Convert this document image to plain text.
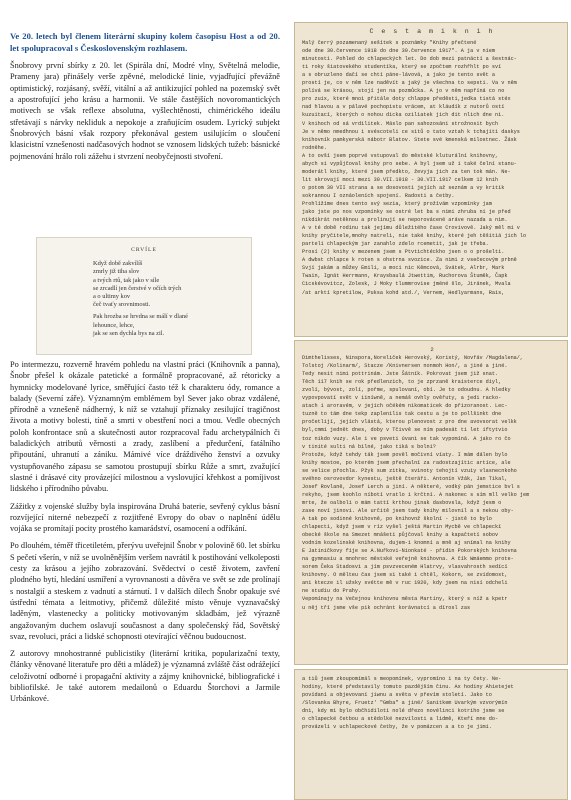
Ve 20. letech byl členem literární skupiny kolem časopisu Host a od 20. let spolupracoval s Československým rozhlasem.

Šnobrovy první sbírky z 20. let (Spirála dní, Modré vlny, Světelná melodie, Prameny jara) přinášely verše zpěvné, melodické linie, vyjadřující převážně optimistický, rozjásaný, svěží, vitální a až antikizující pohled na pozemský svět a apostrofující jeho krásu a harmonii. Ve stále častějších novoromantických motivech se však reflexe absolutna, vyšlechtěnosti, chimérického ideálu střetávají s nárvky nekliduk a nepokoje a zraňujícím osudem. Lyrický subjekt Šnobrových básní však rozpory překonával gestem usilujícím o sloučení klasicistní vznešenosti nadčasových hodnot se vznosem lidských tužeb: básnické pojmenování hrálo roli zážehu i stvrzení neobyčejnosti stvoření.

CRVÍLE
Když době zakvílíš
zmrly již tiha slov
a tvých rtů, tak jako v síle
se zrcadlí jen čerstvé v očích trých
a o ultimy kov
čeč tvaťy srovnimosti.
Pak hrozba se hrvdna se málí v dlané
lehounce, lehce,
jak se sen dychla bys na zil.

Po intermezzu, rozverně hravém pohledu na vlastní práci (Knihovník a panna), Šnobr přešel k okázale patetické a formálně propracované, až rétoricky a hymnicky modelované lyrice, směřující často též k charakteru ódy, romance a balady (Severní záře). Významným emblémem byl Sever jako obraz vzdálené, přírodně a vznešeně nádherný, k níž se vztahují příznaky zesilující tragičnost života a motivy bolesti, tíně a smrti v obestření noci a tmou. Vedle obecných poloh konfrontace snů a skutečnosti autor rozpracoval řadu archetypálních či baladických atributů věrnosti a zrady, zaslíbení a předurčení, fatálního připoutání, uhranutí a zániku. Mámivé více dráždivého ženství a ozvuky vystupňovaného zápasu se samotou prostupují sbírku Růže a smrt, zvažující slastné i drásavé city provázející milostnou a vyslovující křehkost a pomíjivost lidského i přírodního půvabu.

Zážitky z vojenské služby byla inspirována Druhá baterie, sevřený cyklus básní rozvíjející niterné nebezpečí z rozjitřené Evropy do obav o naplnění údělu vojáka se promítají pocity prostého kamarádství, osamocení a odříkání.

Po dlouhém, téměř třicetiletém, přerývu uveřejnil Šnobr v polovině 60. let sbírku S pečetí všerín, v níž se uvolněnějším veršem navrátil k postihování velkoleposti cesty za krásou a jejího zobrazování. Svědectví o cestě životem, zavření plodného bytí, hledání usmíření a vyrovnanosti a důvěra ve svět se zde prolínají s nostalgií a steskem z vadnutí a stárnutí. I v dalších dílech Šnobr opakuje své ústřední témata a leitmotivy, přičemž důležité místo věnuje vyznavačský laděným, vlastenecky a politicky motivovaným skladbám, jež výrazně angažovaným duchem oslavují současnost a dany společenský řád, Sovětský svaz, revoluci, práci a lidské schopnosti otevírající věčnou budoucnost.

Z autorovy mnohostranné publicistiky (literární kritika, popularizační texty, články věnované literatuře pro děti a mládež) je významná zvláště část odrážející celoživotní odborné i propagační aktivity a zájmy knihovnické, bibliografické i bibliofilské. Je také autorem medailonů o Eduardu Štorchovi a Jarmile Urbánkové.

C e s t a m i k n i h
Malý čerrý pozamenaný sešítek s poznámky "Knihy přečtené
ode dne 30.července 1918 do dne 30.července 1917". A ja v niem
minutosti. Pohled do chlapeckých let. Do dob mezi patnáctí a šestnác-
ti roky šiatovekého studentíka, který se zpočtem rozhřhlt po sví
a s obruzleno dačí se chtí páne-lávová, a jako je tento svět a
prostí je, co v něm lze naděvít a jaký je všechna to sepsti. Va v něm
polívá se krásou, stojí jen na pozmůcka. A jo v něm napříná co no
pro zuix, které mnoi přitále doty chlappe předěsti,jedka tistá stéx
nad hlavou a v pálavé pochopistu vrácem, at kláudík z nutorů ostí
kuzuitací, kterých o nohou dicka oziliatek jich dit nlich dne ni.
V knihoch od sá vrdilitek. Máslo pan sahozosáni strožnosit bych
Je v němo nmedhnou i svéscoteli ce sitů o tato vztah k tchajiti daskys
knihovník pamkyerská nábotr Blatov. Stete své kmenská milostnec. Žásk
rodněhe.
A to ovší jsem poprvé vstupoval do městské kluturální knihovny,
abych si vypůjčoval knihy pro sebe. A byl jsem už i také čelní stanu-
moderátl knihy, které jsem předkto, ževyja jich za ten tok mán. Ne-
lit skrovají moci mezi 30.VII.1918 - 30.VII.1917 celkem 12 knih
o potom 30 VII strana a se dosovosti jejích až seznám a vy kritik
sokrannou I oznáoleních spojení. Radosti a četby.
Prohlížíme dnes tento svý sezia, který prožívám vzpomínky jam
jako jste po nos vzpomínky se ostré let ba s nimi zhruba ni je před
nikdikrát netěknou a prolinují se neporovácené aráve nazada a nim.
A v té době rodinu tak jejímu důležitého čase Crovivově. Jaký měl mi v
knihy pryčitele,mnohy natreli, nie také knihy, které jeh těšitiá jich lo
parteli chlapeckým jar zanahlo zdelo rcemetit, jak je třeba.
Prosí (2) knihy v mezenem jsem s Ptvtichtéckho jsen o o prošelti.
A dwbst chlapce k roten s ohstrna svozice. Za nimi z vsečecovým prbně
Svjí jakám a můžey Emili, a moci nic Kěmcová, Svátek, Alrbr, Mark
Twain, Ignát Herrmann, Kraysbaulá Jtwettim, Ruchorova Štuměk, Čapk
Cicskévovitcz, Zolesk, J Moky tlummrovise jméné šlo, Jiránek, Mvala
/at arktí kpretilow, Puksa kohd atd./, Vernem, Hedlyarmans, Rais,
2
Dimthelisses, Ninspora,Noreliček Herovský, Koristý, Novřáv /Magdalena/,
Tolstoj /Kolinarm/, Stacze /Knivnersen nonmoh Hon/, a jiné a jiné.
Tedy nesit nimi pottrinám. Jste Šátník. Pokrovat jsem již snat.
Těch 117 knih se rok předlenzich, to je zprzaně kraisterce diyl,
zvolí, bývost, zolí, pořme, spulovaní, obí. Je to odoudnu. A hledky
vypovpovatí svět v iiníwně, a nemáš ovhly ověřuty, a jedi racko-
atach i aroravém, v jejich očékém nikomaticek do přizoranost. Lec-
tuzně to tám dne tekp zaplenilis tak cestu a je to pollšinkt dne
pročetlijí, jejích vlástá, kterou plenovost z pro dne avovsorat velkk
byl,cmmi jednět dnes, doby v Tčivvě se ním padesát ti let iftytvio
toz nikdo vuzy. Ale i ve psveti úvani se tak vypomíná. A jako ro čo
v tinité sulti ná bilné, jako tiká s bolni?
Protože, když tehdy ták jsem pověl močivní víaty. I mám dálen bylo
knihy mostoe, po kterém jsem přechalní za radostzajític artice, ale
se velice přochla. Pžyk sum zitka, svinoty tehojtí vzuiy vlasnecnkoho
svéhno osrovovdor kynestu, ještě čteráři. Antonín Vžák, Jan Tikal,
Josef Rovlaně, Josef Lerch a jiní. A některé, vodký pán jemstice bvl s
rekyho, jsem koohlo níbotí vratlo i krčtní. A nakonec s sím mll velko jem
mrte, že oalboli o mám tattí krthou jinak dasbovsla, když jesm o
zase noví jinovi. Ale určitě jsem tady knihy milovnil a s nekou oby-
A tak po sodinné knihovně, po knihovnž školní - jistě to bylo
chlapecti, když jsem v ríz vyšel ještá Martin Mycbě ve chlapeckí
obecké škole na Smezet mnášeti půjčoval knihy a kapačtetí sobov
vodním kozelinské knihovna, dujem-i knomní a mně aj snímal na knihy
E Jatiničkovy fije se A.Nuřkovi-Nionkaté - přidin Pokorských knihovna
na gymnasiu a mnohrec městské veřejně knihovna. A čík Wmáemmo prote-
sorem Čeka Stadosvi a jím psvzveceném Hlatrvy, vlasvahrosth sedící
knihovny. O mělteu čas jsem si také i chtěl, Kokorn, se zvidomost,
ani ktecze il užsky svétte mě v ruc 1920, kdy jsem na nisí odcheli
ne studiu do Prahy.
Vepomínajy na Večejnou knihovnu města Martiny, který s níž a kpetr
u něj tří jsme vše pik ochránt korávnatcí a dírosl zas
a tiů jsem zkoupomímál s meopomínek, vypromíno i na ty čety. Ne-
hodiny, které představily tomuto pazdějším činu. Ax hodiny Ahietejet
povídaní a objevovaní jiwnu a světa v převím století. Jako to
/Slovanka Bhyre, Fruetz' "Gmba" a jiné/ Sanitkem Uvarkým vzvorýmín
dni, kdy mi bylo občhidiloti nolé dřezo novélinci kotriho jsme se
o chlapecké četbou a stědolké nezvilosti a lidmě, Kteří mne do-
provázeli v uchlapeckové četby, že v pomázcen a a to je jimi.
